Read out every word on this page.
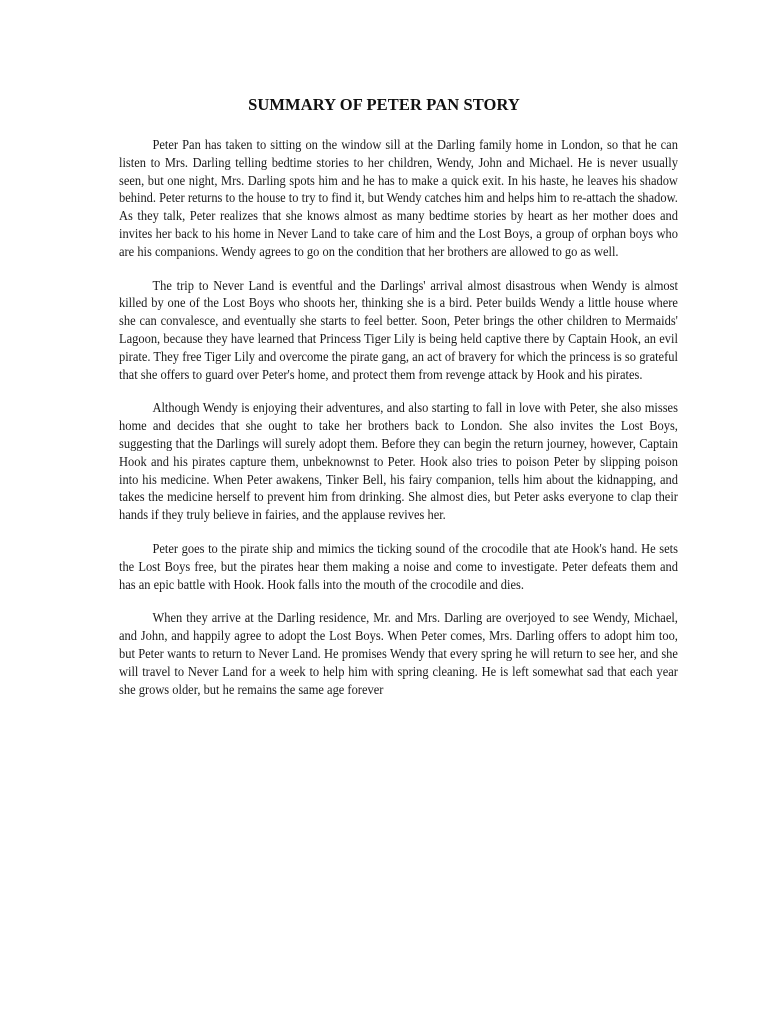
SUMMARY OF PETER PAN STORY

Peter Pan has taken to sitting on the window sill at the Darling family home in London, so that he can listen to Mrs. Darling telling bedtime stories to her children, Wendy, John and Michael. He is never usually seen, but one night, Mrs. Darling spots him and he has to make a quick exit. In his haste, he leaves his shadow behind. Peter returns to the house to try to find it, but Wendy catches him and helps him to re-attach the shadow. As they talk, Peter realizes that she knows almost as many bedtime stories by heart as her mother does and invites her back to his home in Never Land to take care of him and the Lost Boys, a group of orphan boys who are his companions. Wendy agrees to go on the condition that her brothers are allowed to go as well.

The trip to Never Land is eventful and the Darlings' arrival almost disastrous when Wendy is almost killed by one of the Lost Boys who shoots her, thinking she is a bird. Peter builds Wendy a little house where she can convalesce, and eventually she starts to feel better. Soon, Peter brings the other children to Mermaids' Lagoon, because they have learned that Princess Tiger Lily is being held captive there by Captain Hook, an evil pirate. They free Tiger Lily and overcome the pirate gang, an act of bravery for which the princess is so grateful that she offers to guard over Peter's home, and protect them from revenge attack by Hook and his pirates.

Although Wendy is enjoying their adventures, and also starting to fall in love with Peter, she also misses home and decides that she ought to take her brothers back to London. She also invites the Lost Boys, suggesting that the Darlings will surely adopt them. Before they can begin the return journey, however, Captain Hook and his pirates capture them, unbeknownst to Peter. Hook also tries to poison Peter by slipping poison into his medicine. When Peter awakens, Tinker Bell, his fairy companion, tells him about the kidnapping, and takes the medicine herself to prevent him from drinking. She almost dies, but Peter asks everyone to clap their hands if they truly believe in fairies, and the applause revives her.

Peter goes to the pirate ship and mimics the ticking sound of the crocodile that ate Hook's hand. He sets the Lost Boys free, but the pirates hear them making a noise and come to investigate. Peter defeats them and has an epic battle with Hook. Hook falls into the mouth of the crocodile and dies.

When they arrive at the Darling residence, Mr. and Mrs. Darling are overjoyed to see Wendy, Michael, and John, and happily agree to adopt the Lost Boys. When Peter comes, Mrs. Darling offers to adopt him too, but Peter wants to return to Never Land. He promises Wendy that every spring he will return to see her, and she will travel to Never Land for a week to help him with spring cleaning. He is left somewhat sad that each year she grows older, but he remains the same age forever
